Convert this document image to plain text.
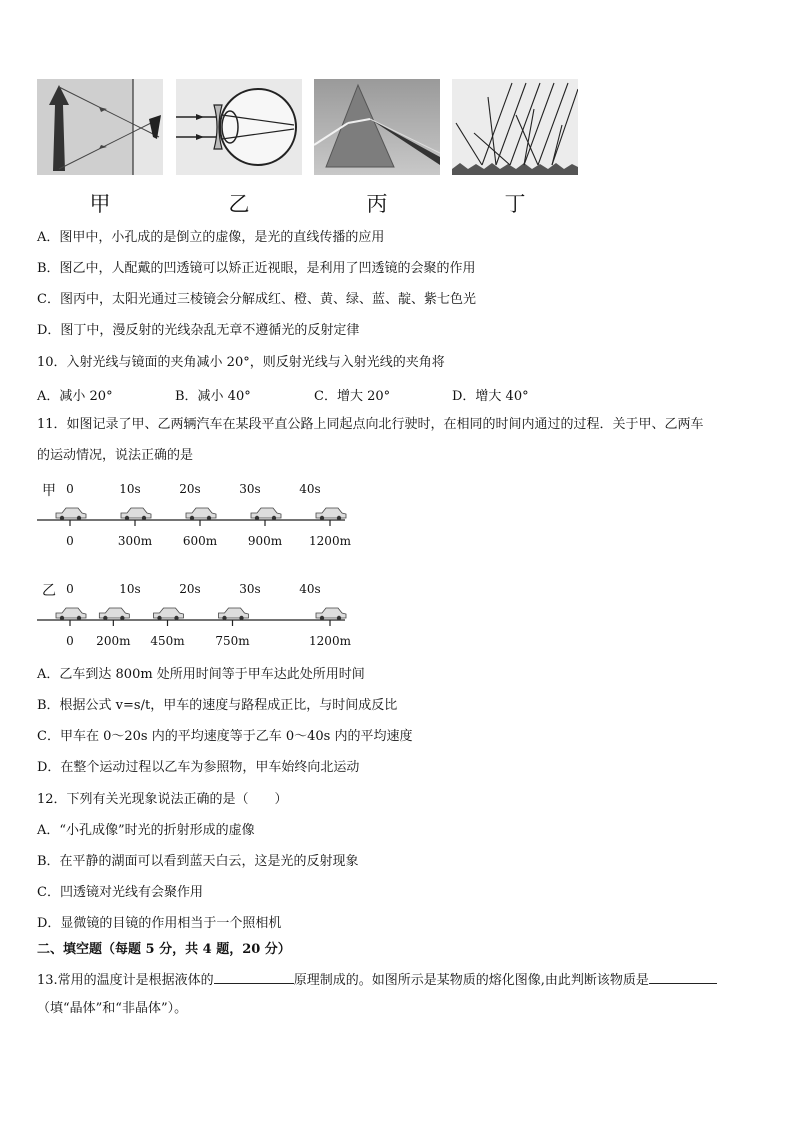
甲	乙	丙	丁
A．图甲中，小孔成的是倒立的虚像，是光的直线传播的应用
B．图乙中，人配戴的凹透镜可以矫正近视眼，是利用了凹透镜的会聚的作用
C．图丙中，太阳光通过三棱镜会分解成红、橙、黄、绿、蓝、靛、紫七色光
D．图丁中，漫反射的光线杂乱无章不遵循光的反射定律
10．入射光线与镜面的夹角减小 20°，则反射光线与入射光线的夹角将
A．减小 20°	B．减小 40°	C．增大 20°	D．增大 40°
11．如图记录了甲、乙两辆汽车在某段平直公路上同起点向北行驶时，在相同的时间内通过的过程．关于甲、乙两车
的运动情况，说法正确的是
甲 0	10s	20s	30s	40s
0	300m	600m	900m 1200m
乙 0	10s	20s	30s	40s
0 200m 450m	750m	1200m
A．乙车到达 800m 处所用时间等于甲车达此处所用时间
B．根据公式 v=s/t，甲车的速度与路程成正比，与时间成反比
C．甲车在 0～20s 内的平均速度等于乙车 0～40s 内的平均速度
D．在整个运动过程以乙车为参照物，甲车始终向北运动
12．下列有关光现象说法正确的是（　　）
A．“小孔成像”时光的折射形成的虚像
B．在平静的湖面可以看到蓝天白云，这是光的反射现象
C．凹透镜对光线有会聚作用
D．显微镜的目镜的作用相当于一个照相机
二、填空题（每题 5 分，共 4 题，20 分）
13.常用的温度计是根据液体的	原理制成的。如图所示是某物质的熔化图像,由此判断该物质是
（填“晶体”和“非晶体”）。
